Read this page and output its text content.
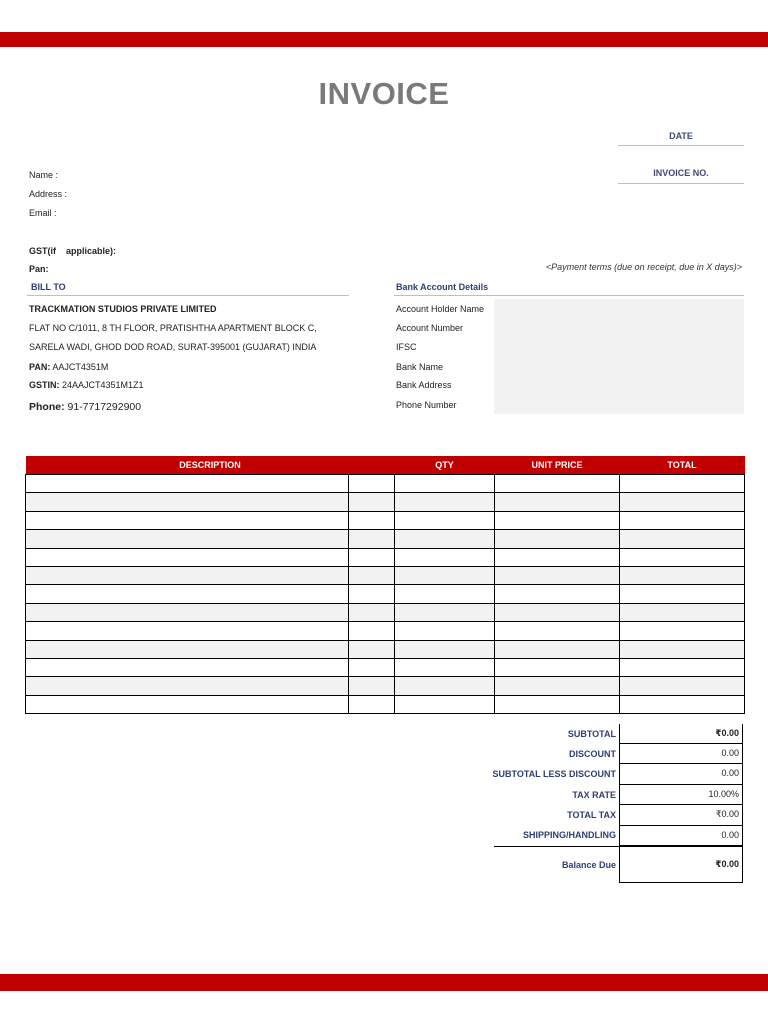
INVOICE
DATE
INVOICE NO.
Name :
Address :
Email :
GST(if    applicable):
Pan:	<Payment terms (due on receipt, due in X days)>
BILL TO
TRACKMATION STUDIOS PRIVATE LIMITED
FLAT NO C/1011, 8 TH FLOOR, PRATISHTHA APARTMENT BLOCK C,
SARELA WADI, GHOD DOD ROAD, SURAT-395001 (GUJARAT) INDIA
PAN: AAJCT4351M
GSTIN: 24AAJCT4351M1Z1
Phone: 91-7717292900
Bank Account Details
Account Holder Name
Account Number
IFSC
Bank Name
Bank Address
Phone Number
DESCRIPTION		QTY	UNIT PRICE	TOTAL

SUBTOTAL	₹0.00
DISCOUNT	0.00
SUBTOTAL LESS DISCOUNT	0.00
TAX RATE	10.00%
TOTAL TAX	₹0.00
SHIPPING/HANDLING	0.00
Balance Due	₹0.00
